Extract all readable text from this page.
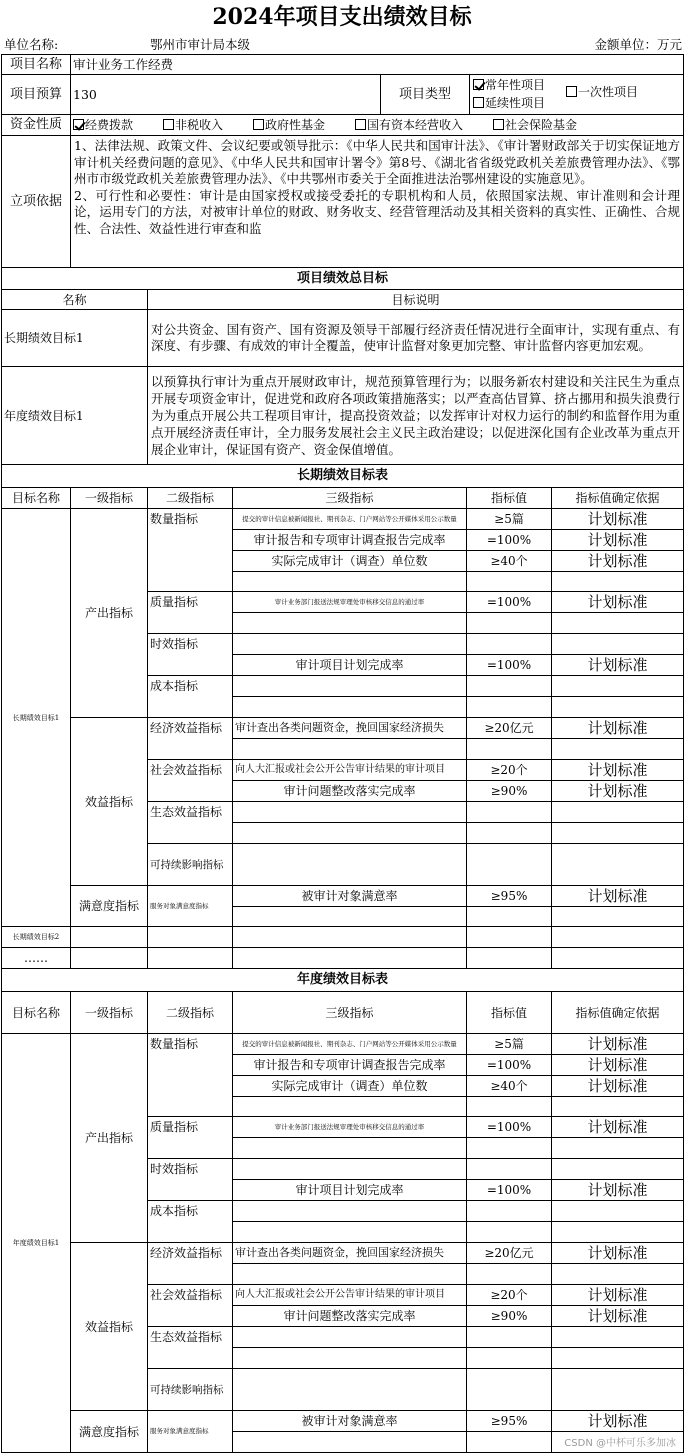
2024年项目支出绩效目标
单位名称:	鄂州市审计局本级	金额单位：万元
项目名称	审计业务工作经费		
项目预算	130	项目类型	常年性项目 一次性项目
延续性项目

资金性质	经费拨款 非税收入 政府性基金 国有资本经营收入 社会保险基金		
立项依据	1、法律法规、政策文件、会议纪要或领导批示：《中华人民共和国审计法》、《审计署财政部关于切实保证地方审计机关经费问题的意见》、《中华人民共和国审计署令》第8号、《湖北省省级党政机关差旅费管理办法》、《鄂州市市级党政机关差旅费管理办法》、《中共鄂州市委关于全面推进法治鄂州建设的实施意见》。
2、可行性和必要性：审计是由国家授权或接受委托的专职机构和人员，依照国家法规、审计准则和会计理论，运用专门的方法，对被审计单位的财政、财务收支、经营管理活动及其相关资料的真实性、正确性、合规性、合法性、效益性进行审查和监		
项目绩效总目标	
名称	目标说明
长期绩效目标1	对公共资金、国有资产、国有资源及领导干部履行经济责任情况进行全面审计，实现有重点、有深度、有步骤、有成效的审计全覆盖，使审计监督对象更加完整、审计监督内容更加宏观。
年度绩效目标1	以预算执行审计为重点开展财政审计，规范预算管理行为；以服务新农村建设和关注民生为重点开展专项资金审计，促进党和政府各项政策措施落实；以严查高估冒算、挤占挪用和损失浪费行为为重点开展公共工程项目审计，提高投资效益；以发挥审计对权力运行的制约和监督作用为重点开展经济责任审计，全力服务发展社会主义民主政治建设；以促进深化国有企业改革为重点开展企业审计，保证国有资产、资金保值增值。
长期绩效目标表					
目标名称	一级指标	二级指标	三级指标	指标值	指标值确定依据
长期绩效目标1	产出指标	数量指标	提交的审计信息被新闻报社、期刊杂志、门户网站等公开媒体采用公示数量	≥5篇	计划标准
			审计报告和专项审计调查报告完成率	=100%	计划标准
			实际完成审计（调查）单位数	≥40个	计划标准

		质量指标	审计业务部门报送法规审理处审核移交信息的通过率	=100%	计划标准

		时效指标			
			审计项目计划完成率	=100%	计划标准
		成本指标			

	效益指标	经济效益指标	审计查出各类问题资金，挽回国家经济损失	≥20亿元	计划标准

		社会效益指标	向人大汇报或社会公开公告审计结果的审计项目	≥20个	计划标准
			审计问题整改落实完成率	≥90%	计划标准
		生态效益指标			

		可持续影响指标			
	满意度指标	服务对象满意度指标	被审计对象满意率	≥95%	计划标准

长期绩效目标2					
……					
年度绩效目标表					
目标名称	一级指标	二级指标	三级指标	指标值	指标值确定依据
年度绩效目标1	产出指标	数量指标	提交的审计信息被新闻报社、期刊杂志、门户网站等公开媒体采用公示数量	≥5篇	计划标准
			审计报告和专项审计调查报告完成率	=100%	计划标准
			实际完成审计（调查）单位数	≥40个	计划标准

		质量指标	审计业务部门报送法规审理处审核移交信息的通过率	=100%	计划标准

		时效指标			
			审计项目计划完成率	=100%	计划标准
		成本指标			

	效益指标	经济效益指标	审计查出各类问题资金，挽回国家经济损失	≥20亿元	计划标准

		社会效益指标	向人大汇报或社会公开公告审计结果的审计项目	≥20个	计划标准
			审计问题整改落实完成率	≥90%	计划标准
		生态效益指标			

		可持续影响指标			
	满意度指标	服务对象满意度指标	被审计对象满意率	≥95%	计划标准

CSDN @中杯可乐多加冰
